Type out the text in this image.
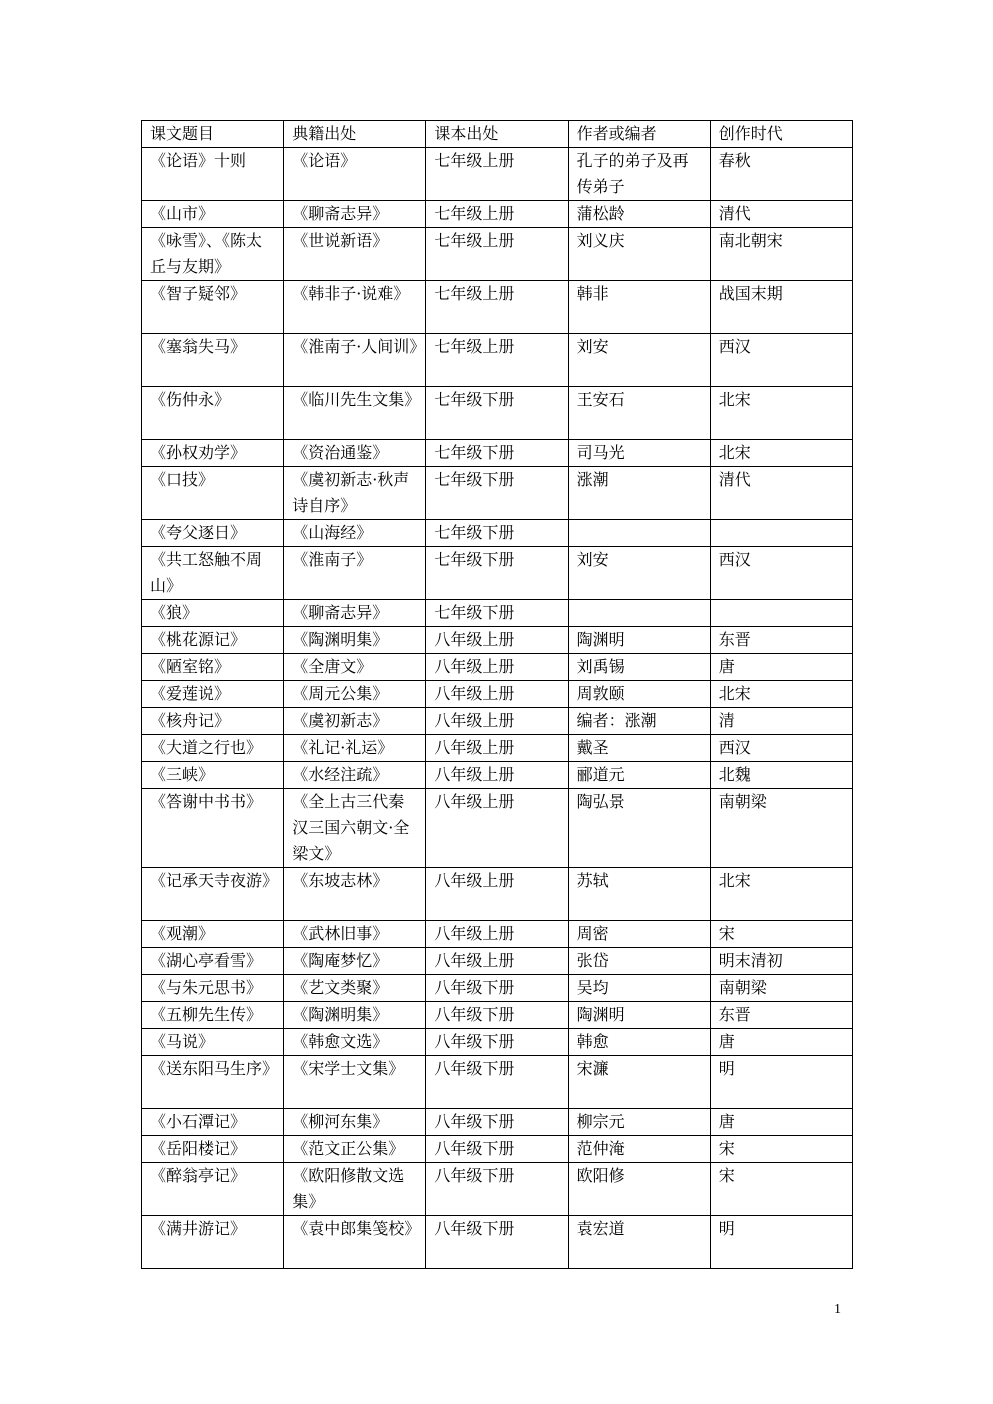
课文题目	典籍出处	课本出处	作者或编者	创作时代
《论语》十则	《论语》	七年级上册	孔子的弟子及再传弟子	春秋
《山市》	《聊斋志异》	七年级上册	蒲松龄	清代
《咏雪》、《陈太丘与友期》	《世说新语》	七年级上册	刘义庆	南北朝宋
《智子疑邻》	《韩非子·说难》	七年级上册	韩非	战国末期
《塞翁失马》	《淮南子·人间训》	七年级上册	刘安	西汉
《伤仲永》	《临川先生文集》	七年级下册	王安石	北宋
《孙权劝学》	《资治通鉴》	七年级下册	司马光	北宋
《口技》	《虞初新志·秋声诗自序》	七年级下册	涨潮	清代
《夸父逐日》	《山海经》	七年级下册		
《共工怒触不周山》	《淮南子》	七年级下册	刘安	西汉
《狼》	《聊斋志异》	七年级下册		
《桃花源记》	《陶渊明集》	八年级上册	陶渊明	东晋
《陋室铭》	《全唐文》	八年级上册	刘禹锡	唐
《爱莲说》	《周元公集》	八年级上册	周敦颐	北宋
《核舟记》	《虞初新志》	八年级上册	编者：涨潮	清
《大道之行也》	《礼记·礼运》	八年级上册	戴圣	西汉
《三峡》	《水经注疏》	八年级上册	郦道元	北魏
《答谢中书书》	《全上古三代秦汉三国六朝文·全梁文》	八年级上册	陶弘景	南朝梁
《记承天寺夜游》	《东坡志林》	八年级上册	苏轼	北宋
《观潮》	《武林旧事》	八年级上册	周密	宋
《湖心亭看雪》	《陶庵梦忆》	八年级上册	张岱	明末清初
《与朱元思书》	《艺文类聚》	八年级下册	吴均	南朝梁
《五柳先生传》	《陶渊明集》	八年级下册	陶渊明	东晋
《马说》	《韩愈文选》	八年级下册	韩愈	唐
《送东阳马生序》	《宋学士文集》	八年级下册	宋濂	明
《小石潭记》	《柳河东集》	八年级下册	柳宗元	唐
《岳阳楼记》	《范文正公集》	八年级下册	范仲淹	宋
《醉翁亭记》	《欧阳修散文选集》	八年级下册	欧阳修	宋
《满井游记》	《袁中郎集笺校》	八年级下册	袁宏道	明
1
